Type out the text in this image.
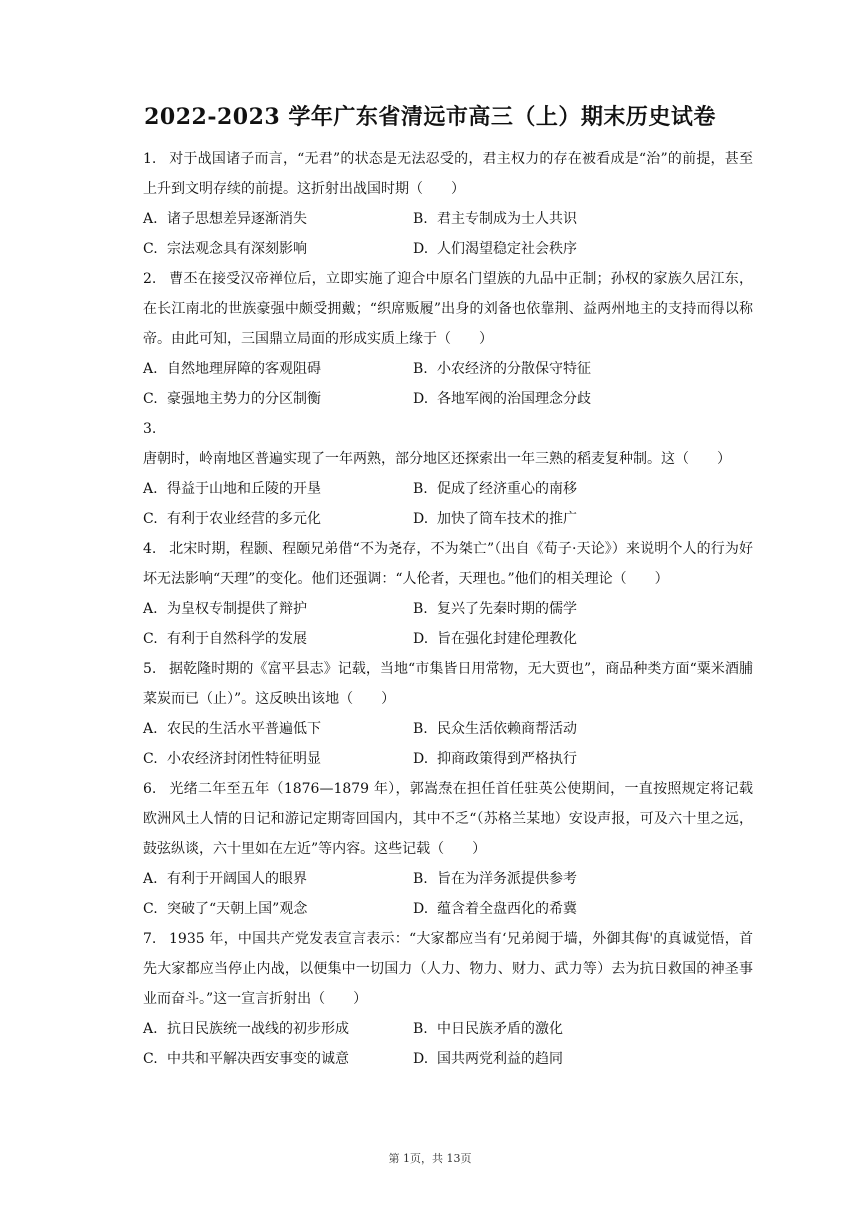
2022-2023 学年广东省清远市高三（上）期末历史试卷

1. 对于战国诸子而言，“无君”的状态是无法忍受的，君主权力的存在被看成是“治”的前提，甚至上升到文明存续的前提。这折射出战国时期（　　）

A. 诸子思想差异逐渐消失	B. 君主专制成为士人共识
C. 宗法观念具有深刻影响	D. 人们渴望稳定社会秩序

2. 曹丕在接受汉帝禅位后，立即实施了迎合中原名门望族的九品中正制；孙权的家族久居江东，在长江南北的世族豪强中颇受拥戴；“织席贩履”出身的刘备也依靠荆、益两州地主的支持而得以称帝。由此可知，三国鼎立局面的形成实质上缘于（　　）

A. 自然地理屏障的客观阻碍	B. 小农经济的分散保守特征
C. 豪强地主势力的分区制衡	D. 各地军阀的治国理念分歧

3.唐朝时，岭南地区普遍实现了一年两熟，部分地区还探索出一年三熟的稻麦复种制。这（　　）

A. 得益于山地和丘陵的开垦	B. 促成了经济重心的南移
C. 有利于农业经营的多元化	D. 加快了筒车技术的推广

4. 北宋时期，程颢、程颐兄弟借“不为尧存，不为桀亡”（出自《荀子·天论》）来说明个人的行为好坏无法影响“天理”的变化。他们还强调：“人伦者，天理也。”他们的相关理论（　　）

A. 为皇权专制提供了辩护	B. 复兴了先秦时期的儒学
C. 有利于自然科学的发展	D. 旨在强化封建伦理教化

5. 据乾隆时期的《富平县志》记载，当地“市集皆日用常物，无大贾也”，商品种类方面“粟米酒脯菜炭而已（止）”。这反映出该地（　　）

A. 农民的生活水平普遍低下	B. 民众生活依赖商帮活动
C. 小农经济封闭性特征明显	D. 抑商政策得到严格执行

6. 光绪二年至五年（1876—1879 年），郭嵩焘在担任首任驻英公使期间，一直按照规定将记载欧洲风土人情的日记和游记定期寄回国内，其中不乏“（苏格兰某地）安设声报，可及六十里之远，鼓弦纵谈，六十里如在左近”等内容。这些记载（　　）

A. 有利于开阔国人的眼界	B. 旨在为洋务派提供参考
C. 突破了“天朝上国”观念	D. 蕴含着全盘西化的希冀

7. 1935 年，中国共产党发表宣言表示：“大家都应当有‘兄弟阋于墙，外御其侮'的真诚觉悟，首先大家都应当停止内战，以便集中一切国力（人力、物力、财力、武力等）去为抗日救国的神圣事业而奋斗。”这一宣言折射出（　　）

A. 抗日民族统一战线的初步形成	B. 中日民族矛盾的激化
C. 中共和平解决西安事变的诚意	D. 国共两党利益的趋同
第 1页，共 13页
